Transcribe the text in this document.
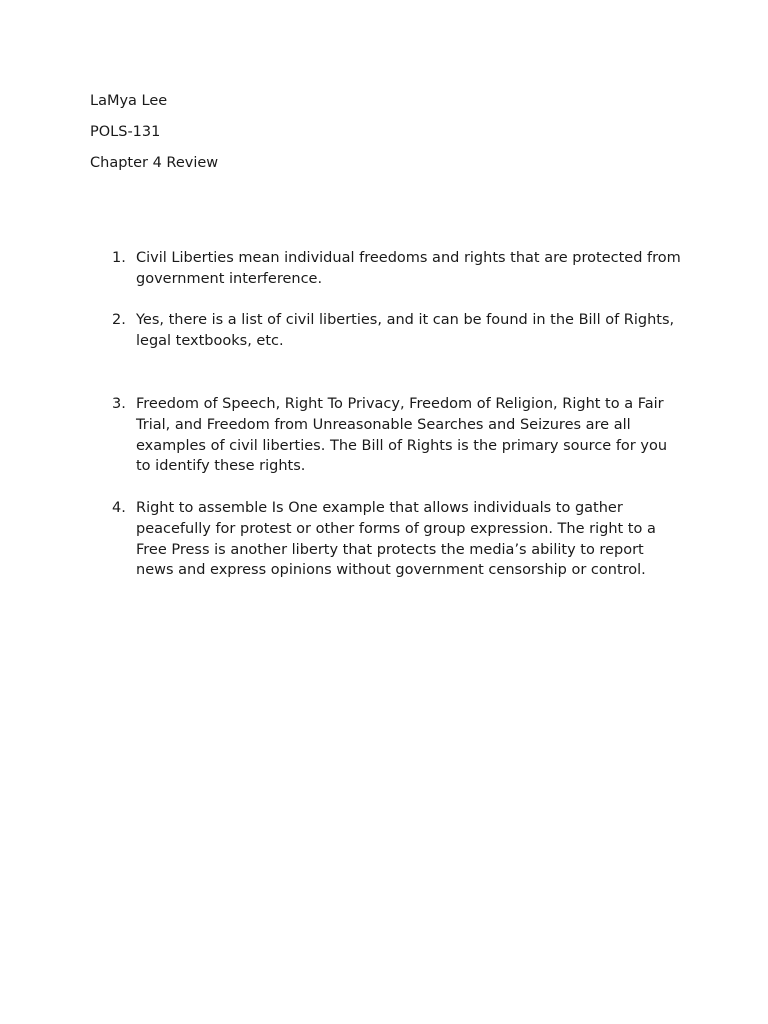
LaMya Lee
POLS-131
Chapter 4 Review
1. Civil Liberties mean individual freedoms and rights that are protected from government interference.
2. Yes, there is a list of civil liberties, and it can be found in the Bill of Rights, legal textbooks, etc.
3. Freedom of Speech, Right To Privacy, Freedom of Religion, Right to a Fair Trial, and Freedom from Unreasonable Searches and Seizures are all examples of civil liberties. The Bill of Rights is the primary source for you to identify these rights.
4. Right to assemble Is One example that allows individuals to gather peacefully for protest or other forms of group expression. The right to a Free Press is another liberty that protects the media’s ability to report news and express opinions without government censorship or control.
